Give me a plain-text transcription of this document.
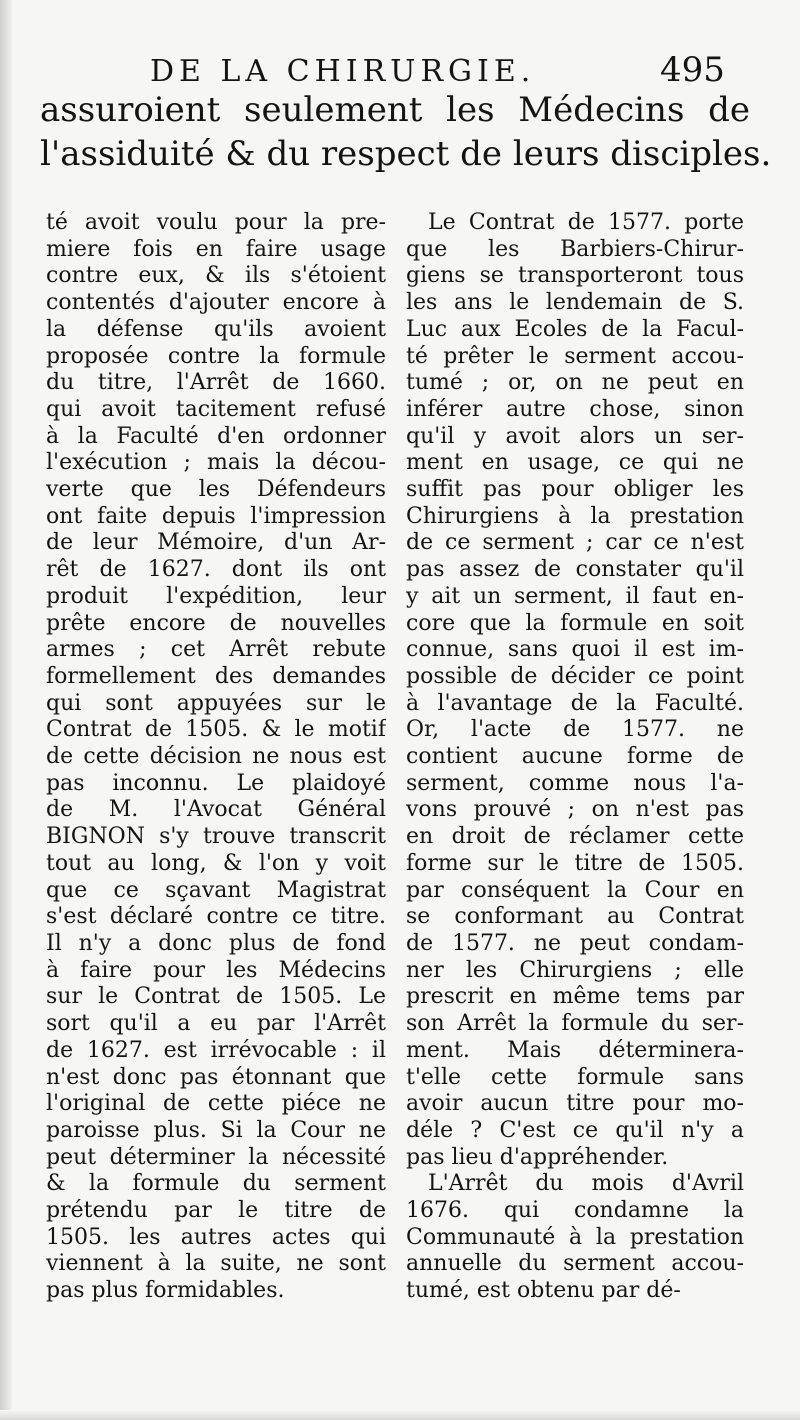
DE LA CHIRURGIE.	495
assuroient seulement les Médecins de
l'assiduité & du respect de leurs disciples.
té avoit voulu pour la pre-
miere fois en faire usage
contre eux, & ils s'étoient
contentés d'ajouter encore à
la défense qu'ils avoient
proposée contre la formule
du titre, l'Arrêt de 1660.
qui avoit tacitement refusé
à la Faculté d'en ordonner
l'exécution ; mais la décou-
verte que les Défendeurs
ont faite depuis l'impression
de leur Mémoire, d'un Ar-
rêt de 1627. dont ils ont
produit l'expédition, leur
prête encore de nouvelles
armes ; cet Arrêt rebute
formellement des demandes
qui sont appuyées sur le
Contrat de 1505. & le motif
de cette décision ne nous est
pas inconnu. Le plaidoyé
de M. l'Avocat Général
BIGNON s'y trouve transcrit
tout au long, & l'on y voit
que ce sçavant Magistrat
s'est déclaré contre ce titre.
Il n'y a donc plus de fond
à faire pour les Médecins
sur le Contrat de 1505. Le
sort qu'il a eu par l'Arrêt
de 1627. est irrévocable : il
n'est donc pas étonnant que
l'original de cette piéce ne
paroisse plus. Si la Cour ne
peut déterminer la nécessité
& la formule du serment
prétendu par le titre de
1505. les autres actes qui
viennent à la suite, ne sont
pas plus formidables.
Le Contrat de 1577. porte
que les Barbiers-Chirur-
giens se transporteront tous
les ans le lendemain de S.
Luc aux Ecoles de la Facul-
té prêter le serment accou-
tumé ; or, on ne peut en
inférer autre chose, sinon
qu'il y avoit alors un ser-
ment en usage, ce qui ne
suffit pas pour obliger les
Chirurgiens à la prestation
de ce serment ; car ce n'est
pas assez de constater qu'il
y ait un serment, il faut en-
core que la formule en soit
connue, sans quoi il est im-
possible de décider ce point
à l'avantage de la Faculté.
Or, l'acte de 1577. ne
contient aucune forme de
serment, comme nous l'a-
vons prouvé ; on n'est pas
en droit de réclamer cette
forme sur le titre de 1505.
par conséquent la Cour en
se conformant au Contrat
de 1577. ne peut condam-
ner les Chirurgiens ; elle
prescrit en même tems par
son Arrêt la formule du ser-
ment. Mais déterminera-
t'elle cette formule sans
avoir aucun titre pour mo-
déle ? C'est ce qu'il n'y a
pas lieu d'appréhender.
L'Arrêt du mois d'Avril
1676. qui condamne la
Communauté à la prestation
annuelle du serment accou-
tumé, est obtenu par dé-
